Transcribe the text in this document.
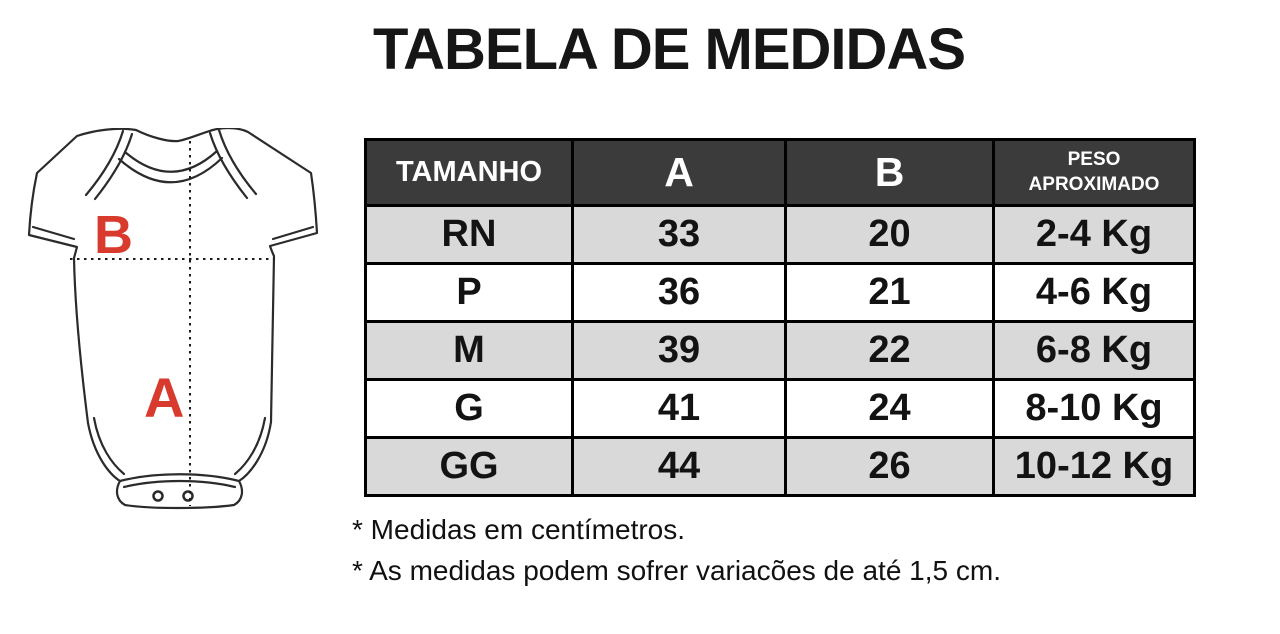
TABELA DE MEDIDAS
B
A
TAMANHO	A	B	PESO APROXIMADO
RN	33	20	2-4 Kg
P	36	21	4-6 Kg
M	39	22	6-8 Kg
G	41	24	8-10 Kg
GG	44	26	10-12 Kg
* Medidas em centímetros.
* As medidas podem sofrer variacões de até 1,5 cm.
